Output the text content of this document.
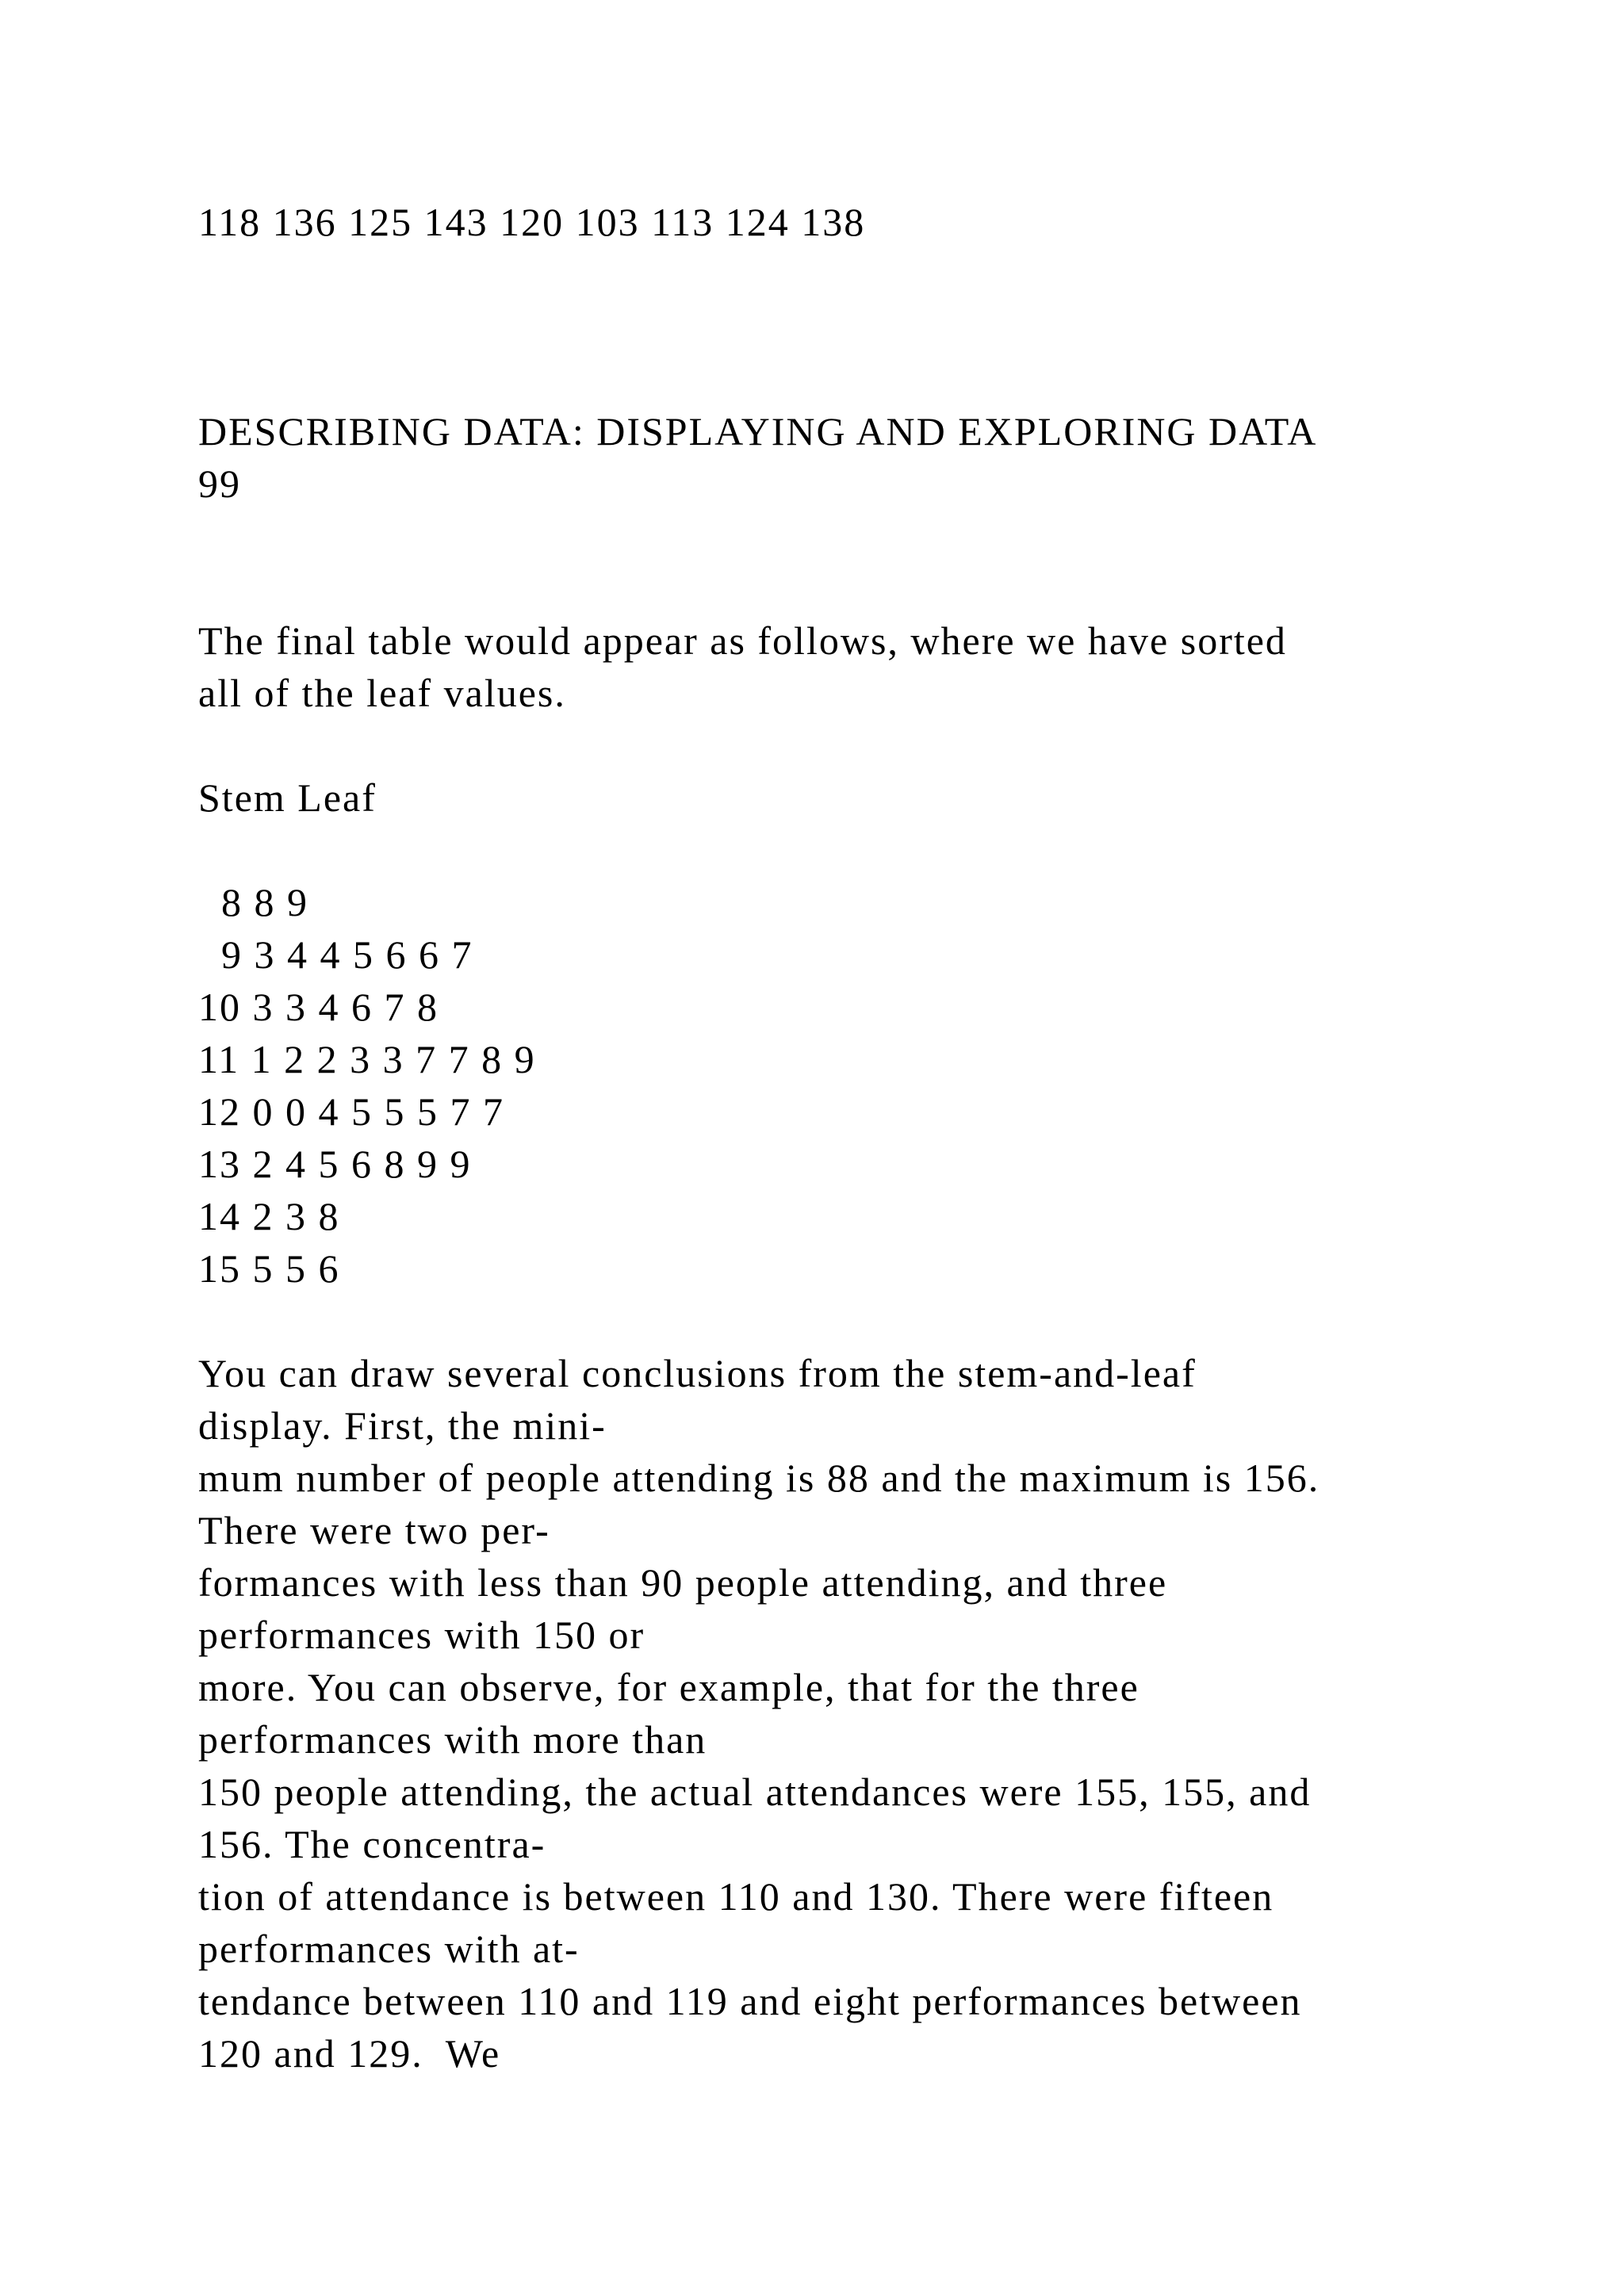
118 136 125 143 120 103 113 124 138

DESCRIBING DATA: DISPLAYING AND EXPLORING DATA

99

The final table would appear as follows, where we have sorted

all of the leaf values.

Stem Leaf

8 8 9

9 3 4 4 5 6 6 7

10 3 3 4 6 7 8

11 1 2 2 3 3 7 7 8 9

12 0 0 4 5 5 5 7 7

13 2 4 5 6 8 9 9

14 2 3 8

15 5 5 6

You can draw several conclusions from the stem-and-leaf

display. First, the mini-

mum number of people attending is 88 and the maximum is 156.

There were two per-

formances with less than 90 people attending, and three

performances with 150 or

more. You can observe, for example, that for the three

performances with more than

150 people attending, the actual attendances were 155, 155, and

156. The concentra-

tion of attendance is between 110 and 130. There were fifteen

performances with at-

tendance between 110 and 119 and eight performances between

120 and 129.  We
